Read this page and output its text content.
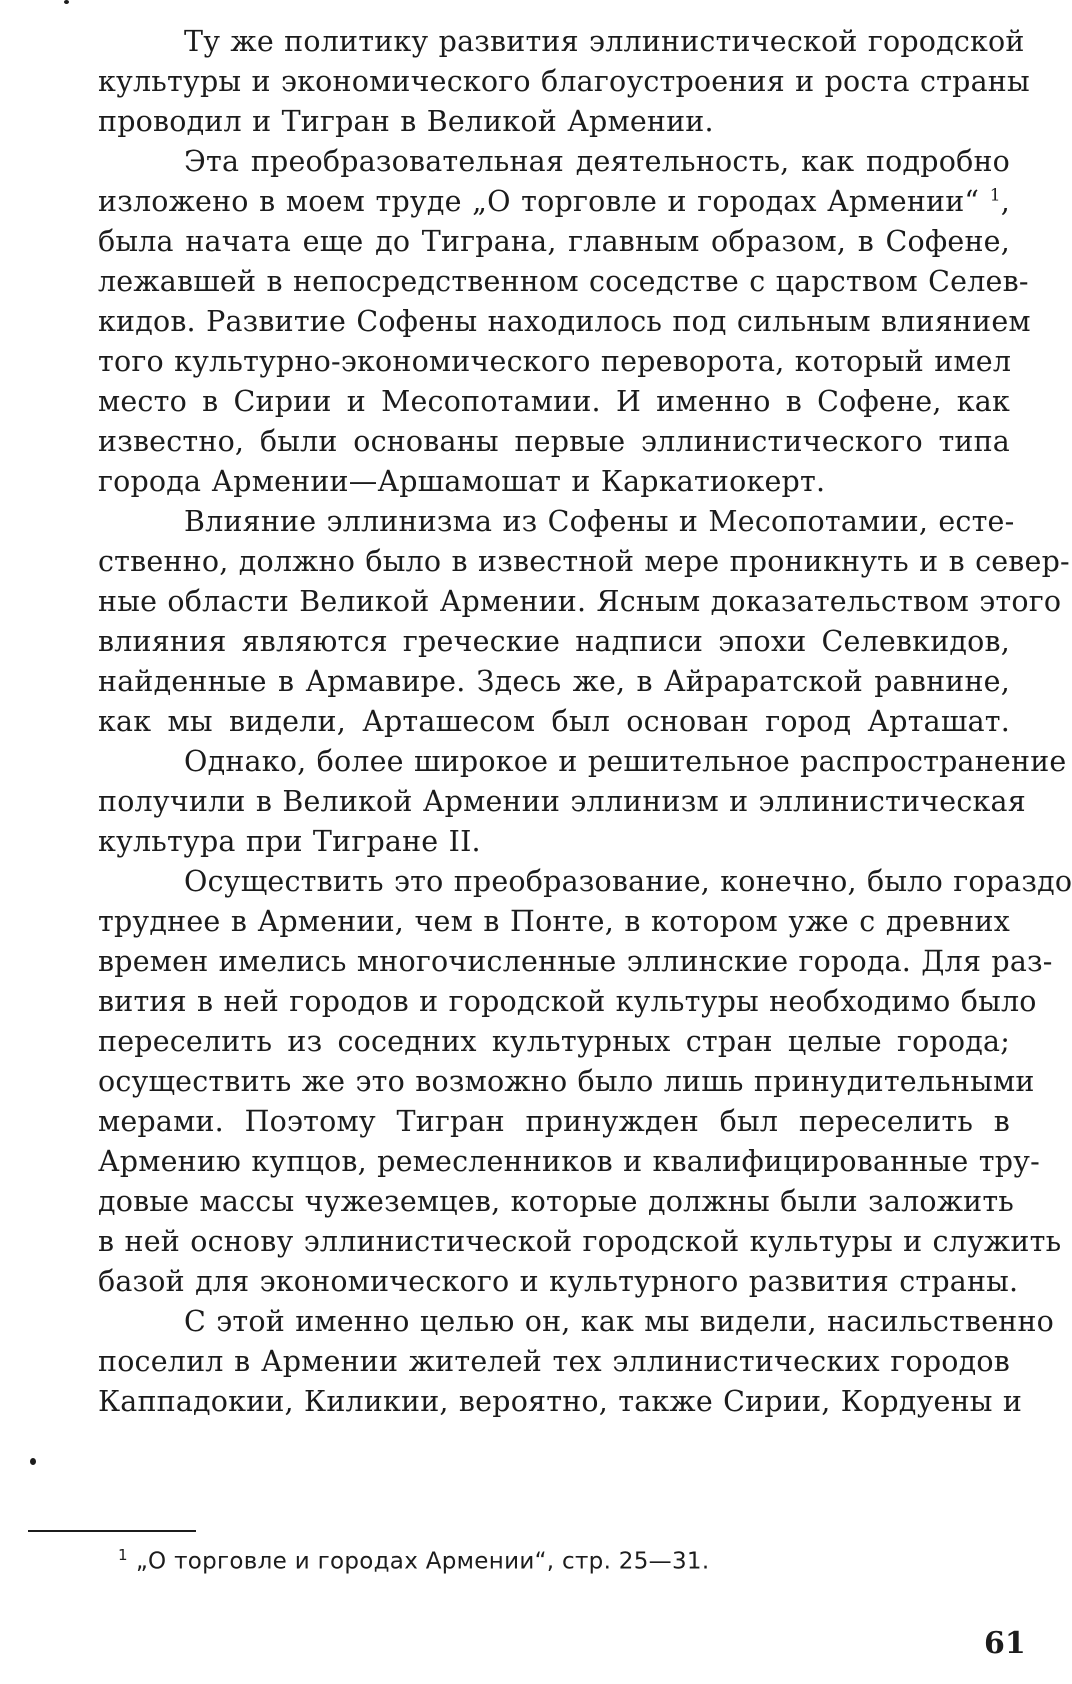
Ту же политику развития эллинистической городской
культуры и экономического благоустроения и роста страны
проводил и Тигран в Великой Армении.

Эта преобразовательная деятельность, как подробно
изложено в моем труде „О торговле и городах Армении“ $^1$,
была начата еще до Тиграна, главным образом, в Софене,
лежавшей в непосредственном соседстве с царством Селев-
кидов. Развитие Софены находилось под сильным влиянием
того культурно-экономического переворота, который имел
место в Сирии и Месопотамии. И именно в Софене, как
известно, были основаны первые эллинистического типа
города Армении—Аршамошат и Каркатиокерт.

Влияние эллинизма из Софены и Месопотамии, есте-
ственно, должно было в известной мере проникнуть и в север-
ные области Великой Армении. Ясным доказательством этого
влияния являются греческие надписи эпохи Селевкидов,
найденные в Армавире. Здесь же, в Айраратской равнине,
как мы видели, Арташесом был основан город Арташат.

Однако, более широкое и решительное распространение
получили в Великой Армении эллинизм и эллинистическая
культура при Тигране II.

Осуществить это преобразование, конечно, было гораздо
труднее в Армении, чем в Понте, в котором уже с древних
времен имелись многочисленные эллинские города. Для раз-
вития в ней городов и городской культуры необходимо было
переселить из соседних культурных стран целые города;
осуществить же это возможно было лишь принудительными
мерами. Поэтому Тигран принужден был переселить в
Армению купцов, ремесленников и квалифицированные тру-
довые массы чужеземцев, которые должны были заложить
в ней основу эллинистической городской культуры и служить
базой для экономического и культурного развития страны.

С этой именно целью он, как мы видели, насильственно
поселил в Армении жителей тех эллинистических городов
Каппадокии, Киликии, вероятно, также Сирии, Кордуены и

$^1$ „О торговле и городах Армении“, стр. 25—31.
61
